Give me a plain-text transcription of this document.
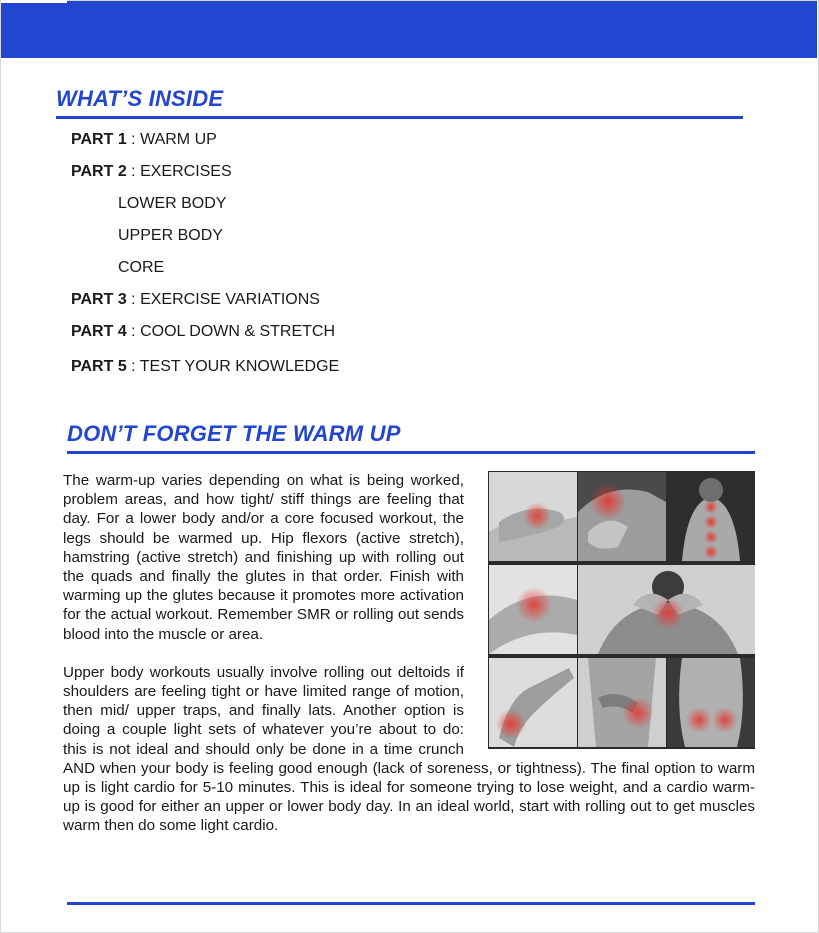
WHAT’S INSIDE
PART 1 : WARM UP
PART 2 : EXERCISES
LOWER BODY
UPPER BODY
CORE
PART 3 : EXERCISE VARIATIONS
PART 4 : COOL DOWN & STRETCH
PART 5 : TEST YOUR KNOWLEDGE
DON’T FORGET THE WARM UP

The warm-up varies depending on what is being worked, problem areas, and how tight/ stiff things are feeling that day. For a lower body and/or a core focused workout, the legs should be warmed up. Hip flexors (active stretch), hamstring (active stretch) and finishing up with rolling out the quads and finally the glutes in that order. Finish with warming up the glutes because it promotes more activation for the actual workout. Remember SMR or rolling out sends blood into the muscle or area.

Upper body workouts usually involve rolling out deltoids if shoulders are feeling tight or have limited range of motion, then mid/ upper traps, and finally lats. Another option is doing a couple light sets of whatever you’re about to do: this is not ideal and should only be done in a time crunch AND when your body is feeling good enough (lack of soreness, or tightness). The final option to warm up is light cardio for 5-10 minutes. This is ideal for someone trying to lose weight, and a cardio warm-up is good for either an upper or lower body day. In an ideal world, start with rolling out to get muscles warm then do some light cardio.
